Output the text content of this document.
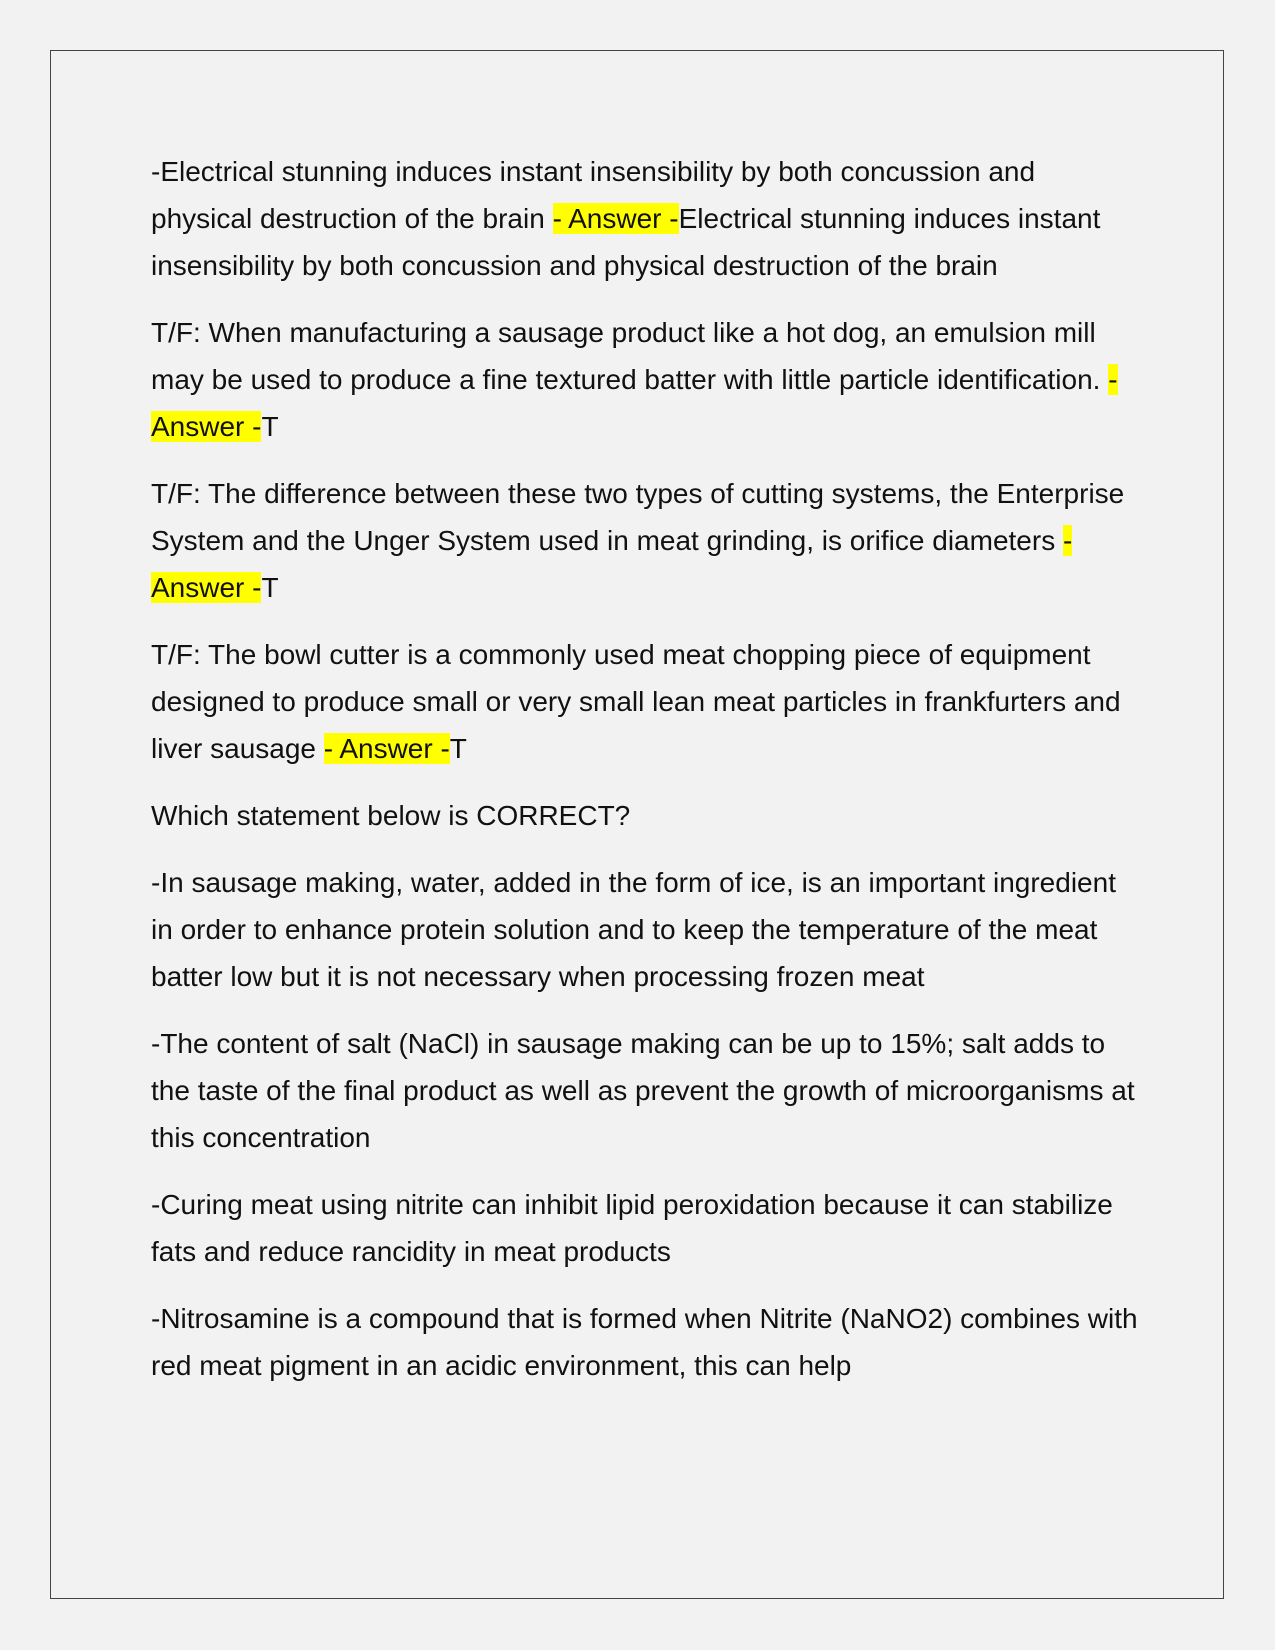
-Electrical stunning induces instant insensibility by both concussion and physical destruction of the brain - Answer -Electrical stunning induces instant insensibility by both concussion and physical destruction of the brain

T/F: When manufacturing a sausage product like a hot dog, an emulsion mill may be used to produce a fine textured batter with little particle identification. - Answer -T

T/F: The difference between these two types of cutting systems, the Enterprise System and the Unger System used in meat grinding, is orifice diameters - Answer -T

T/F: The bowl cutter is a commonly used meat chopping piece of equipment designed to produce small or very small lean meat particles in frankfurters and liver sausage - Answer -T

Which statement below is CORRECT?

-In sausage making, water, added in the form of ice, is an important ingredient in order to enhance protein solution and to keep the temperature of the meat batter low but it is not necessary when processing frozen meat

-The content of salt (NaCl) in sausage making can be up to 15%; salt adds to the taste of the final product as well as prevent the growth of microorganisms at this concentration

-Curing meat using nitrite can inhibit lipid peroxidation because it can stabilize fats and reduce rancidity in meat products

-Nitrosamine is a compound that is formed when Nitrite (NaNO2) combines with red meat pigment in an acidic environment, this can help
